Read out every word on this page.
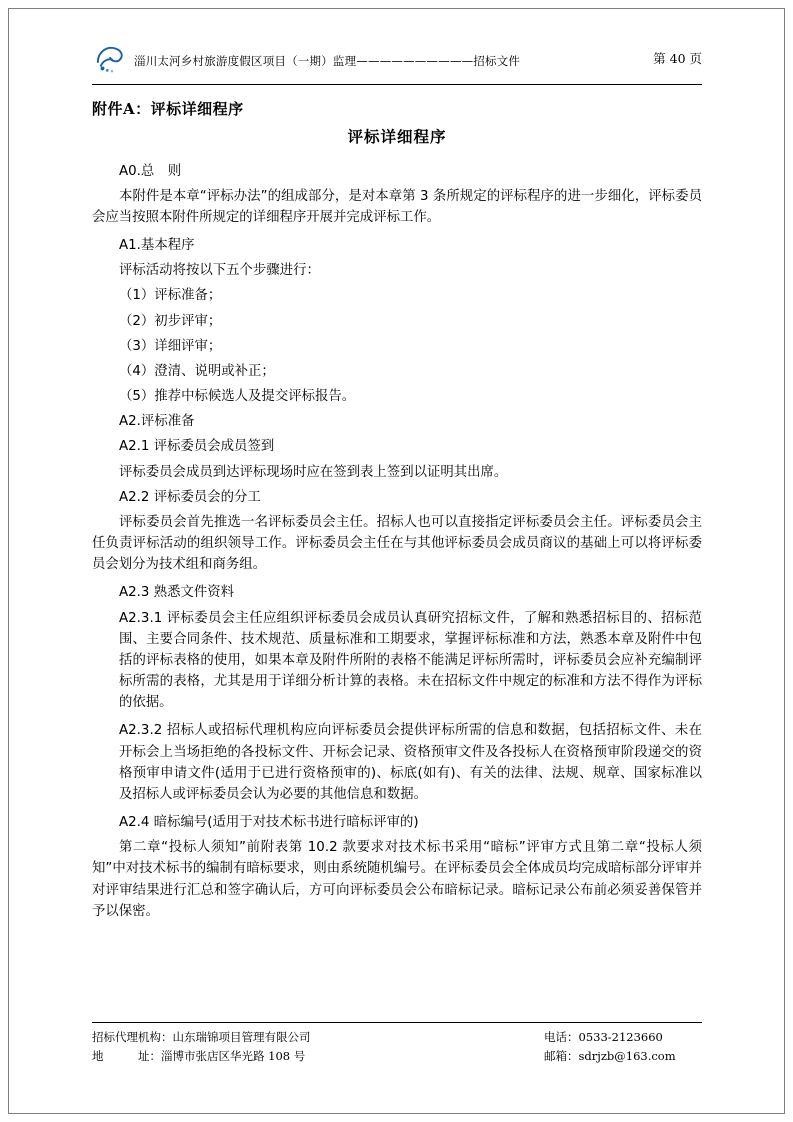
淄川太河乡村旅游度假区项目（一期）监理——————————招标文件	第 40 页
附件A：评标详细程序
评标详细程序

A0.总　则

本附件是本章“评标办法”的组成部分，是对本章第 3 条所规定的评标程序的进一步细化，评标委员会应当按照本附件所规定的详细程序开展并完成评标工作。

A1.基本程序

评标活动将按以下五个步骤进行：

（1）评标准备；

（2）初步评审；

（3）详细评审；

（4）澄清、说明或补正；

（5）推荐中标候选人及提交评标报告。

A2.评标准备

A2.1 评标委员会成员签到

评标委员会成员到达评标现场时应在签到表上签到以证明其出席。

A2.2 评标委员会的分工

评标委员会首先推选一名评标委员会主任。招标人也可以直接指定评标委员会主任。评标委员会主任负责评标活动的组织领导工作。评标委员会主任在与其他评标委员会成员商议的基础上可以将评标委员会划分为技术组和商务组。

A2.3 熟悉文件资料

A2.3.1 评标委员会主任应组织评标委员会成员认真研究招标文件，了解和熟悉招标目的、招标范围、主要合同条件、技术规范、质量标准和工期要求，掌握评标标准和方法，熟悉本章及附件中包括的评标表格的使用，如果本章及附件所附的表格不能满足评标所需时，评标委员会应补充编制评标所需的表格，尤其是用于详细分析计算的表格。未在招标文件中规定的标准和方法不得作为评标的依据。

A2.3.2 招标人或招标代理机构应向评标委员会提供评标所需的信息和数据，包括招标文件、未在开标会上当场拒绝的各投标文件、开标会记录、资格预审文件及各投标人在资格预审阶段递交的资格预审申请文件(适用于已进行资格预审的)、标底(如有)、有关的法律、法规、规章、国家标准以及招标人或评标委员会认为必要的其他信息和数据。

A2.4 暗标编号(适用于对技术标书进行暗标评审的)

第二章“投标人须知”前附表第 10.2 款要求对技术标书采用“暗标”评审方式且第二章“投标人须知”中对技术标书的编制有暗标要求，则由系统随机编号。在评标委员会全体成员均完成暗标部分评审并对评审结果进行汇总和签字确认后，方可向评标委员会公布暗标记录。暗标记录公布前必须妥善保管并予以保密。

招标代理机构：山东瑞锦项目管理有限公司	电话：0533-2123660
地　　　址：淄博市张店区华光路 108 号	邮箱：sdrjzb@163.com
